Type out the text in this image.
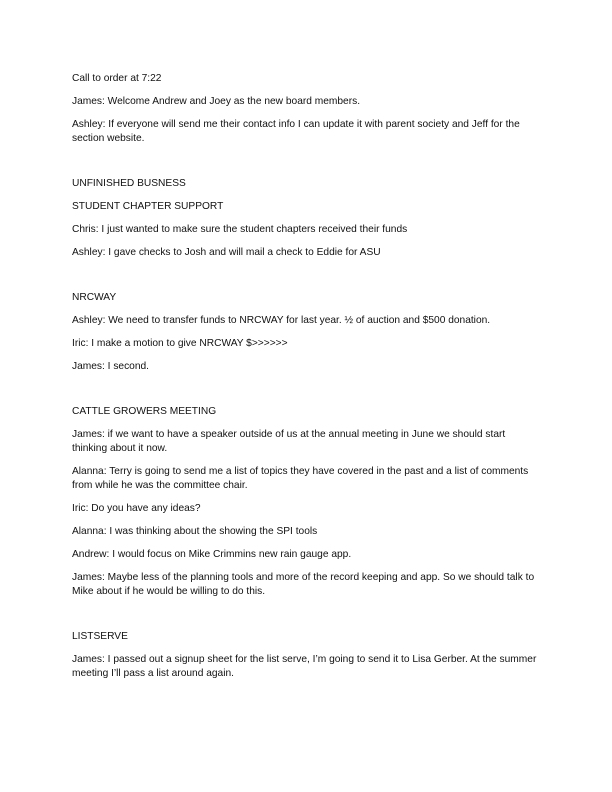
Call to order at 7:22

James: Welcome Andrew and Joey as the new board members.

Ashley: If everyone will send me their contact info I can update it with parent society and Jeff for the section website.

UNFINISHED BUSNESS

STUDENT CHAPTER SUPPORT

Chris: I just wanted to make sure the student chapters received their funds

Ashley: I gave checks to Josh and will mail a check to Eddie for ASU

NRCWAY

Ashley: We need to transfer funds to NRCWAY for last year. ½ of auction and $500 donation.

Iric: I make a motion to give NRCWAY $>>>>>>

James: I second.

CATTLE GROWERS MEETING

James: if we want to have a speaker outside of us at the annual meeting in June we should start thinking about it now.

Alanna: Terry is going to send me a list of topics they have covered in the past and a list of comments from while he was the committee chair.

Iric: Do you have any ideas?

Alanna: I was thinking about the showing the SPI tools

Andrew: I would focus on Mike Crimmins new rain gauge app.

James: Maybe less of the planning tools and more of the record keeping and app. So we should talk to Mike about if he would be willing to do this.

LISTSERVE

James: I passed out a signup sheet for the list serve, I’m going to send it to Lisa Gerber. At the summer meeting I’ll pass a list around again.
